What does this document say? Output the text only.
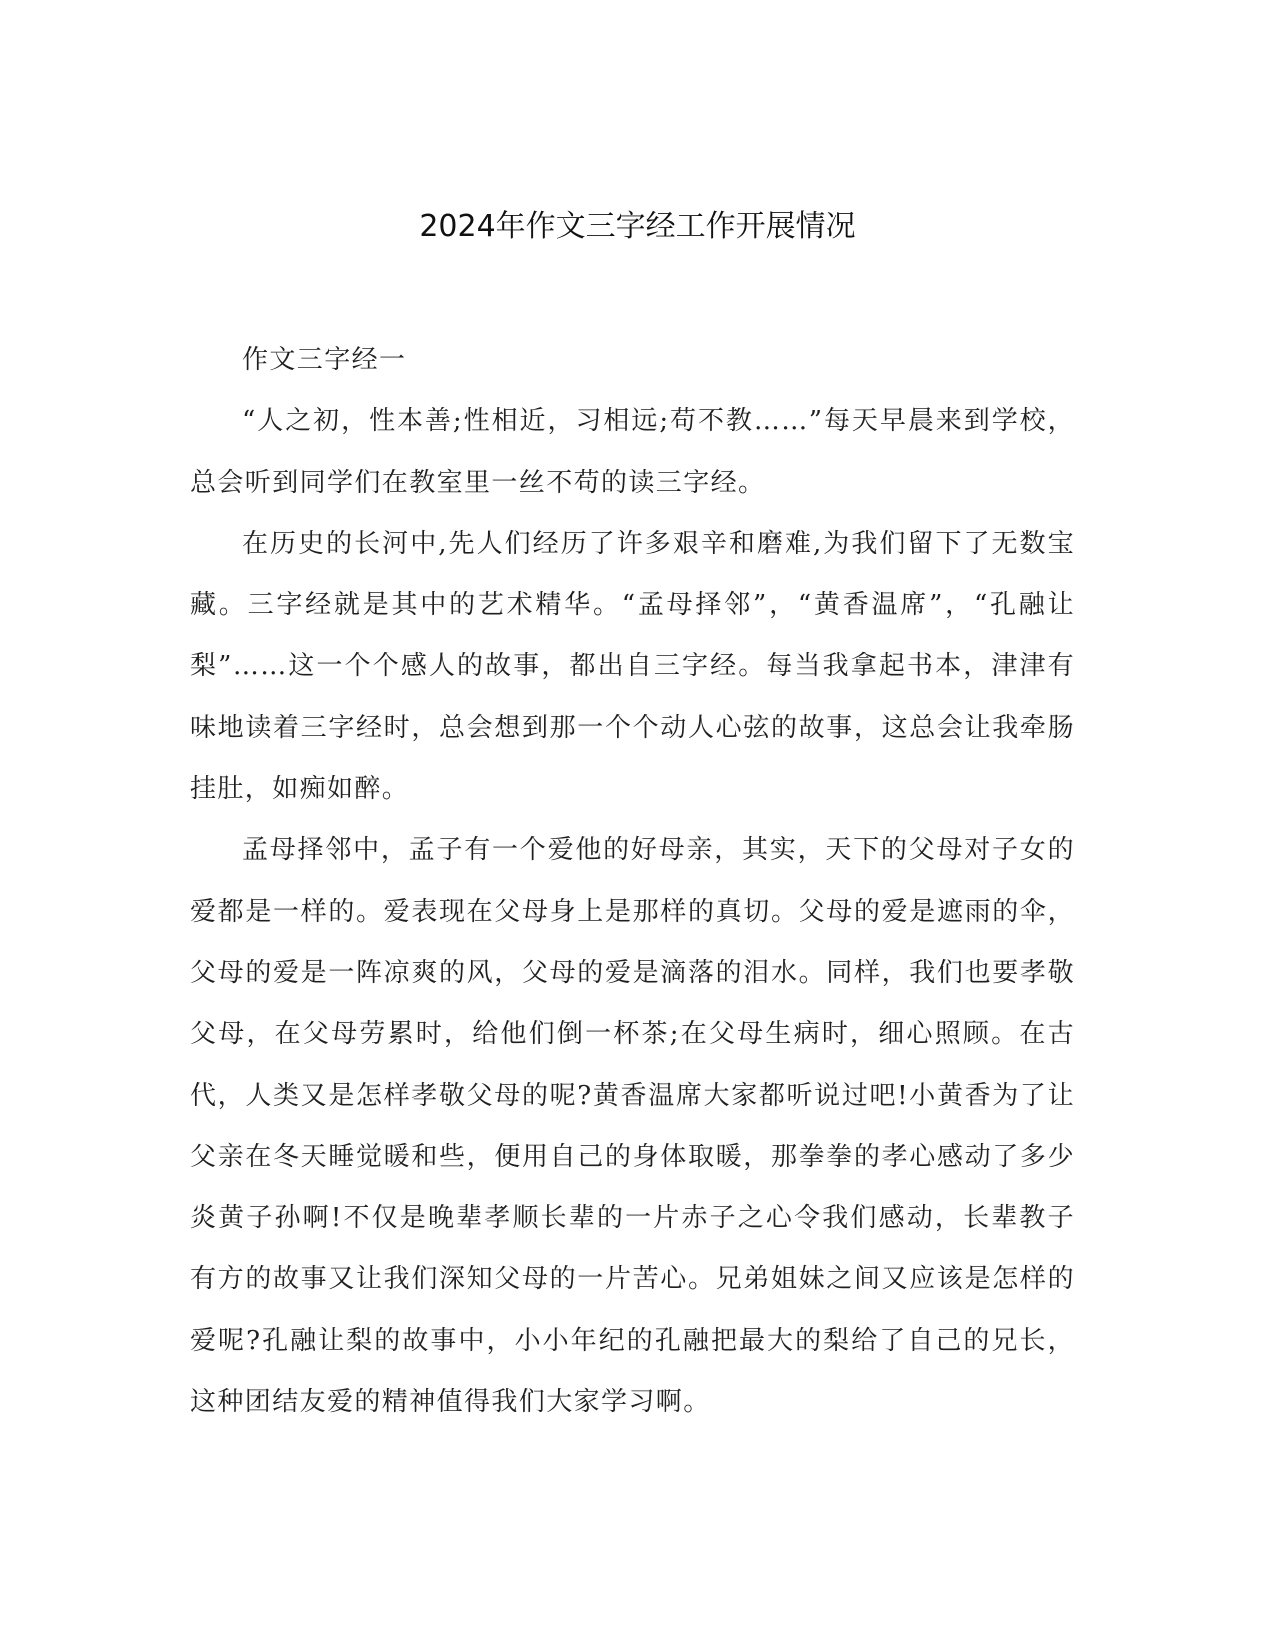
2024年作文三字经工作开展情况

作文三字经一

“人之初，性本善;性相近，习相远;苟不教……”每天早晨来到学校，总会听到同学们在教室里一丝不苟的读三字经。

在历史的长河中,先人们经历了许多艰辛和磨难,为我们留下了无数宝藏。三字经就是其中的艺术精华。“孟母择邻”，“黄香温席”，“孔融让梨”……这一个个感人的故事，都出自三字经。每当我拿起书本，津津有味地读着三字经时，总会想到那一个个动人心弦的故事，这总会让我牵肠挂肚，如痴如醉。

孟母择邻中，孟子有一个爱他的好母亲，其实，天下的父母对子女的爱都是一样的。爱表现在父母身上是那样的真切。父母的爱是遮雨的伞，父母的爱是一阵凉爽的风，父母的爱是滴落的泪水。同样，我们也要孝敬父母，在父母劳累时，给他们倒一杯茶;在父母生病时，细心照顾。在古代，人类又是怎样孝敬父母的呢?黄香温席大家都听说过吧!小黄香为了让父亲在冬天睡觉暖和些，便用自己的身体取暖，那拳拳的孝心感动了多少炎黄子孙啊!不仅是晚辈孝顺长辈的一片赤子之心令我们感动，长辈教子有方的故事又让我们深知父母的一片苦心。兄弟姐妹之间又应该是怎样的爱呢?孔融让梨的故事中，小小年纪的孔融把最大的梨给了自己的兄长，这种团结友爱的精神值得我们大家学习啊。
